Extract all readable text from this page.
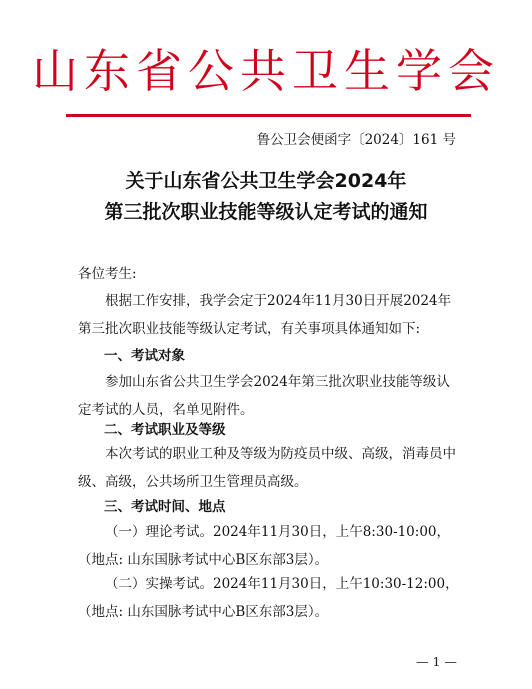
山东省公共卫生学会
鲁公卫会便函字〔2024〕161 号
关于山东省公共卫生学会2024年
第三批次职业技能等级认定考试的通知
各位考生:
根据工作安排，我学会定于2024年11月30日开展2024年第三批次职业技能等级认定考试，有关事项具体通知如下:
一、考试对象
参加山东省公共卫生学会2024年第三批次职业技能等级认定考试的人员，名单见附件。
二、考试职业及等级
本次考试的职业工种及等级为防疫员中级、高级，消毒员中级、高级，公共场所卫生管理员高级。
三、考试时间、地点
（一）理论考试。2024年11月30日，上午8:30-10:00，（地点: 山东国脉考试中心B区东部3层）。
（二）实操考试。2024年11月30日，上午10:30-12:00，（地点: 山东国脉考试中心B区东部3层）。
— 1 —
